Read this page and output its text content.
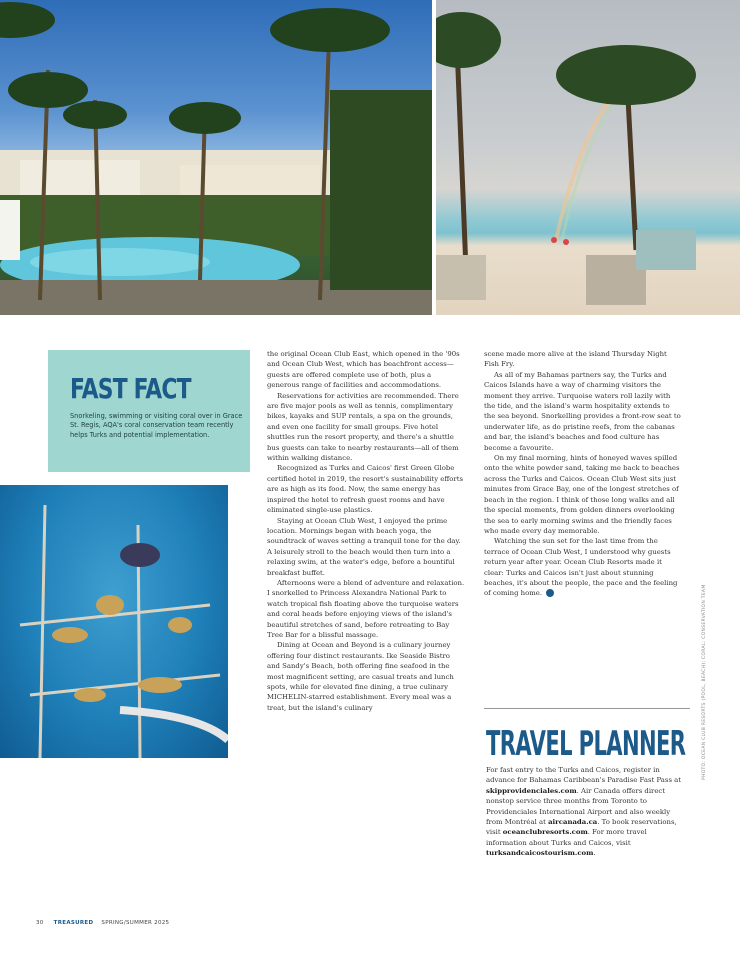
FAST FACT
Snorkeling, swimming or visiting coral over in Grace St. Regis, AQA's coral conservation team recently helps Turks and potential implementation.

the original Ocean Club East, which opened in the '90s and Ocean Club West, which has beachfront access—guests are offered complete use of both, plus a generous range of facilities and accommodations.

Reservations for activities are recommended. There are five major pools as well as tennis, complimentary bikes, kayaks and SUP rentals, a spa on the grounds, and even one facility for small groups. Five hotel shuttles run the resort property, and there's a shuttle bus guests can take to nearby restaurants—all of them within walking distance.

Recognized as Turks and Caicos' first Green Globe certified hotel in 2019, the resort's sustainability efforts are as high as its food. Now, the same energy has inspired the hotel to refresh guest rooms and have eliminated single-use plastics.

Staying at Ocean Club West, I enjoyed the prime location. Mornings began with beach yoga, the soundtrack of waves setting a tranquil tone for the day. A leisurely stroll to the beach would then turn into a relaxing swim, at the water's edge, before a bountiful breakfast buffet.

Afternoons were a blend of adventure and relaxation. I snorkelled to Princess Alexandra National Park to watch tropical fish floating above the turquoise waters and coral heads before enjoying views of the island's beautiful stretches of sand, before retreating to Bay Tree Bar for a blissful massage.

Dining at Ocean and Beyond is a culinary journey offering four distinct restaurants. Ike Seaside Bistro and Sandy's Beach, both offering fine seafood in the most magnificent setting, are casual treats and lunch spots, while for elevated fine dining, a true culinary MICHELIN-starred establishment. Every meal was a treat, but the island's culinary

scene made more alive at the island Thursday Night Fish Fry.

As all of my Bahamas partners say, the Turks and Caicos Islands have a way of charming visitors the moment they arrive. Turquoise waters roll lazily with the tide, and the island's warm hospitality extends to the sea beyond. Snorkelling provides a front-row seat to underwater life, as do pristine reefs, from the cabanas and bar, the island's beaches and food culture has become a favourite.

On my final morning, hints of honeyed waves spilled onto the white powder sand, taking me back to beaches across the Turks and Caicos. Ocean Club West sits just minutes from Grace Bay, one of the longest stretches of beach in the region. I think of those long walks and all the special moments, from golden dinners overlooking the sea to early morning swims and the friendly faces who made every day memorable.

Watching the sun set for the last time from the terrace of Ocean Club West, I understood why guests return year after year. Ocean Club Resorts made it clear: Turks and Caicos isn't just about stunning beaches, it's about the people, the pace and the feeling of coming home.

TRAVEL PLANNER

For fast entry to the Turks and Caicos, register in advance for Bahamas Caribbean's Paradise Fast Pass at skipprovidenciales.com. Air Canada offers direct nonstop service three months from Toronto to Providenciales International Airport and also weekly from Montréal at aircanada.ca. To book reservations, visit oceanclubresorts.com. For more travel information about Turks and Caicos, visit turksandcaicostourism.com.

PHOTO: OCEAN CLUB RESORTS (POOL, BEACH); CORAL: CONSERVATION TEAM
30 TREASURED SPRING/SUMMER 2025
